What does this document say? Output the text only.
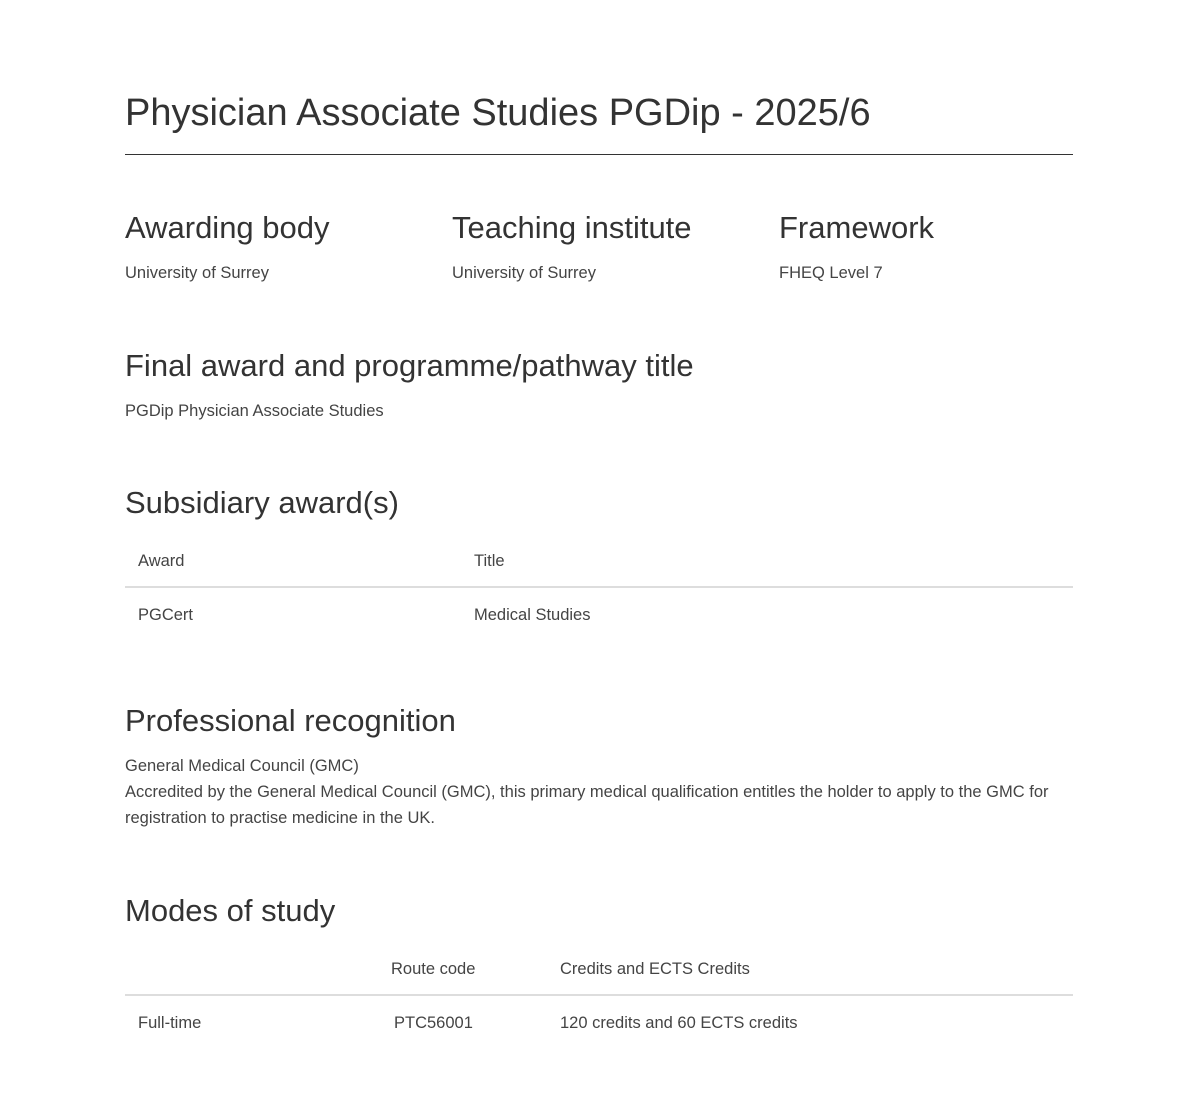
Physician Associate Studies PGDip - 2025/6
Awarding body

University of Surrey

Teaching institute

University of Surrey

Framework

FHEQ Level 7

Final award and programme/pathway title

PGDip Physician Associate Studies

Subsidiary award(s)
Award	Title
PGCert	Medical Studies
Professional recognition

General Medical Council (GMC)

Accredited by the General Medical Council (GMC), this primary medical qualification entitles the holder to apply to the GMC for registration to practise medicine in the UK.

Modes of study
	Route code	Credits and ECTS Credits
Full-time	PTC56001	120 credits and 60 ECTS credits
